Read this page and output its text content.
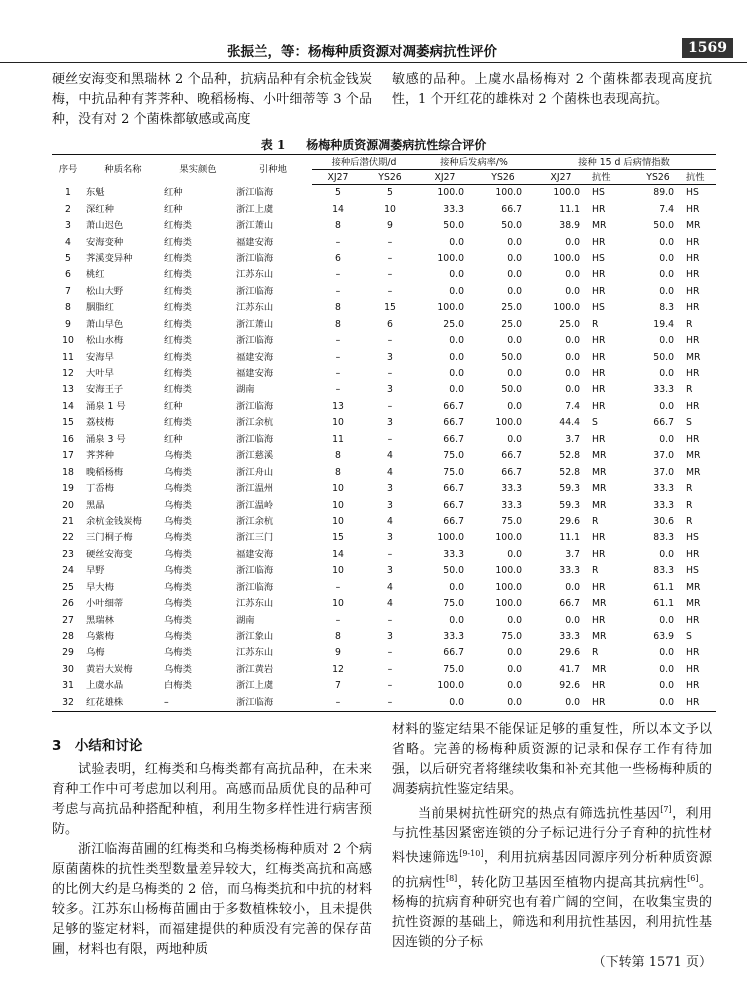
张振兰，等：杨梅种质资源对凋萎病抗性评价	1569

硬丝安海变和黑瑞林 2 个品种，抗病品种有余杭金钱炭梅，中抗品种有荠荠种、晚稻杨梅、小叶细蒂等 3 个品种，没有对 2 个菌株都敏感或高度

敏感的品种。上虞水晶杨梅对 2 个菌株都表现高度抗性，1 个开红花的雄株对 2 个菌株也表现高抗。

表 1 杨梅种质资源凋萎病抗性综合评价
序号	种质名称	果实颜色	引种地	接种后潜伏期/d		接种后发病率/%		接种 15 d 后病情指数			
				XJ27	YS26	XJ27	YS26	XJ27	抗性	YS26	抗性
1	东魁	红种	浙江临海	5	5	100.0	100.0	100.0	HS	89.0	HS
2	深红种	红种	浙江上虞	14	10	33.3	66.7	11.1	HR	7.4	HR
3	萧山迟色	红梅类	浙江萧山	8	9	50.0	50.0	38.9	MR	50.0	MR
4	安海变种	红梅类	福建安海	–	–	0.0	0.0	0.0	HR	0.0	HR
5	荠溪变异种	红梅类	浙江临海	6	–	100.0	0.0	100.0	HS	0.0	HR
6	桃红	红梅类	江苏东山	–	–	0.0	0.0	0.0	HR	0.0	HR
7	松山大野	红梅类	浙江临海	–	–	0.0	0.0	0.0	HR	0.0	HR
8	胭脂红	红梅类	江苏东山	8	15	100.0	25.0	100.0	HS	8.3	HR
9	萧山早色	红梅类	浙江萧山	8	6	25.0	25.0	25.0	R	19.4	R
10	松山水梅	红梅类	浙江临海	–	–	0.0	0.0	0.0	HR	0.0	HR
11	安海早	红梅类	福建安海	–	3	0.0	50.0	0.0	HR	50.0	MR
12	大叶早	红梅类	福建安海	–	–	0.0	0.0	0.0	HR	0.0	HR
13	安海王子	红梅类	湖南	–	3	0.0	50.0	0.0	HR	33.3	R
14	涌泉 1 号	红种	浙江临海	13	–	66.7	0.0	7.4	HR	0.0	HR
15	荔枝梅	红梅类	浙江余杭	10	3	66.7	100.0	44.4	S	66.7	S
16	涌泉 3 号	红种	浙江临海	11	–	66.7	0.0	3.7	HR	0.0	HR
17	荠荠种	乌梅类	浙江慈溪	8	4	75.0	66.7	52.8	MR	37.0	MR
18	晚稻杨梅	乌梅类	浙江舟山	8	4	75.0	66.7	52.8	MR	37.0	MR
19	丁岙梅	乌梅类	浙江温州	10	3	66.7	33.3	59.3	MR	33.3	R
20	黑晶	乌梅类	浙江温岭	10	3	66.7	33.3	59.3	MR	33.3	R
21	余杭金钱炭梅	乌梅类	浙江余杭	10	4	66.7	75.0	29.6	R	30.6	R
22	三门桐子梅	乌梅类	浙江三门	15	3	100.0	100.0	11.1	HR	83.3	HS
23	硬丝安海变	乌梅类	福建安海	14	–	33.3	0.0	3.7	HR	0.0	HR
24	早野	乌梅类	浙江临海	10	3	50.0	100.0	33.3	R	83.3	HS
25	早大梅	乌梅类	浙江临海	–	4	0.0	100.0	0.0	HR	61.1	MR
26	小叶细蒂	乌梅类	江苏东山	10	4	75.0	100.0	66.7	MR	61.1	MR
27	黑瑞林	乌梅类	湖南	–	–	0.0	0.0	0.0	HR	0.0	HR
28	乌紫梅	乌梅类	浙江象山	8	3	33.3	75.0	33.3	MR	63.9	S
29	乌梅	乌梅类	江苏东山	9	–	66.7	0.0	29.6	R	0.0	HR
30	黄岩大炭梅	乌梅类	浙江黄岩	12	–	75.0	0.0	41.7	MR	0.0	HR
31	上虞水晶	白梅类	浙江上虞	7	–	100.0	0.0	92.6	HR	0.0	HR
32	红花雄株	–	浙江临海	–	–	0.0	0.0	0.0	HR	0.0	HR
3　小结和讨论

试验表明，红梅类和乌梅类都有高抗品种，在未来育种工作中可考虑加以利用。高感而品质优良的品种可考虑与高抗品种搭配种植，利用生物多样性进行病害预防。

浙江临海苗圃的红梅类和乌梅类杨梅种质对 2 个病原菌菌株的抗性类型数量差异较大，红梅类高抗和高感的比例大约是乌梅类的 2 倍，而乌梅类抗和中抗的材料较多。江苏东山杨梅苗圃由于多数植株较小，且未提供足够的鉴定材料，而福建提供的种质没有完善的保存苗圃，材料也有限，两地种质

材料的鉴定结果不能保证足够的重复性，所以本文予以省略。完善的杨梅种质资源的记录和保存工作有待加强，以后研究者将继续收集和补充其他一些杨梅种质的凋萎病抗性鉴定结果。

当前果树抗性研究的热点有筛选抗性基因[7]，利用与抗性基因紧密连锁的分子标记进行分子育种的抗性材料快速筛选[9-10]，利用抗病基因同源序列分析种质资源的抗病性[8]，转化防卫基因至植物内提高其抗病性[6]。杨梅的抗病育种研究也有着广阔的空间，在收集宝贵的抗性资源的基础上，筛选和利用抗性基因，利用抗性基因连锁的分子标

（下转第 1571 页）
